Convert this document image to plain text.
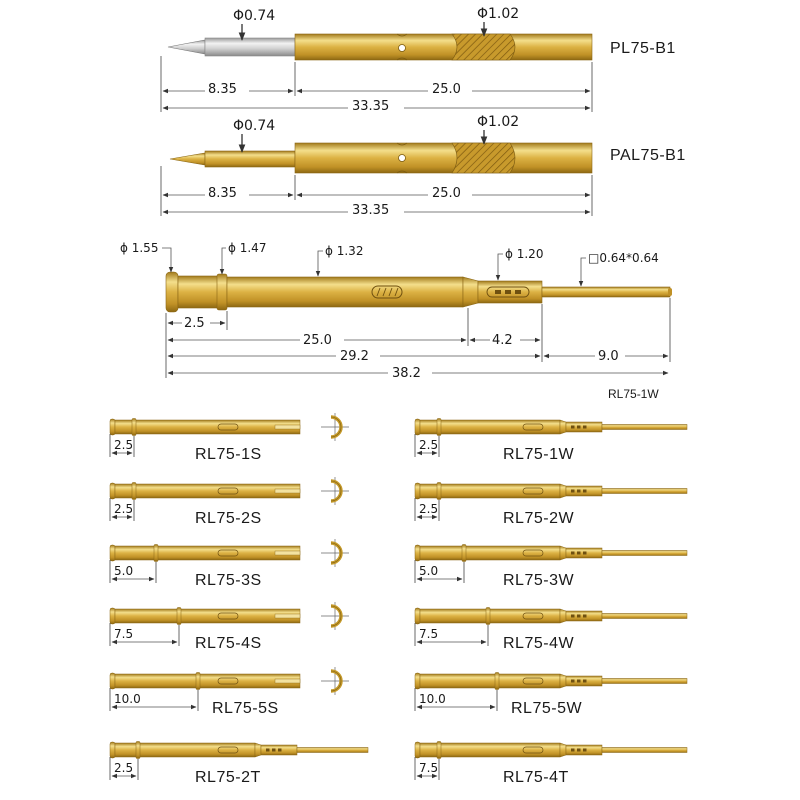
Φ0.74	Φ1.02
PL75-B1
8.35	25.0
33.35
Φ0.74	Φ1.02
PAL75-B1
8.35	25.0
33.35
ϕ 1.55	ϕ 1.47	ϕ 1.32	ϕ 1.20	□0.64*0.64
2.5
25.0	4.2
29.2	9.0
38.2
RL75-1W
2.5
RL75-1S
2.5
RL75-2S
5.0
RL75-3S
7.5
RL75-4S
10.0
RL75-5S
2.5
RL75-2T
2.5
RL75-1W
2.5
RL75-2W
5.0
RL75-3W
7.5
RL75-4W
10.0
RL75-5W
7.5
RL75-4T
